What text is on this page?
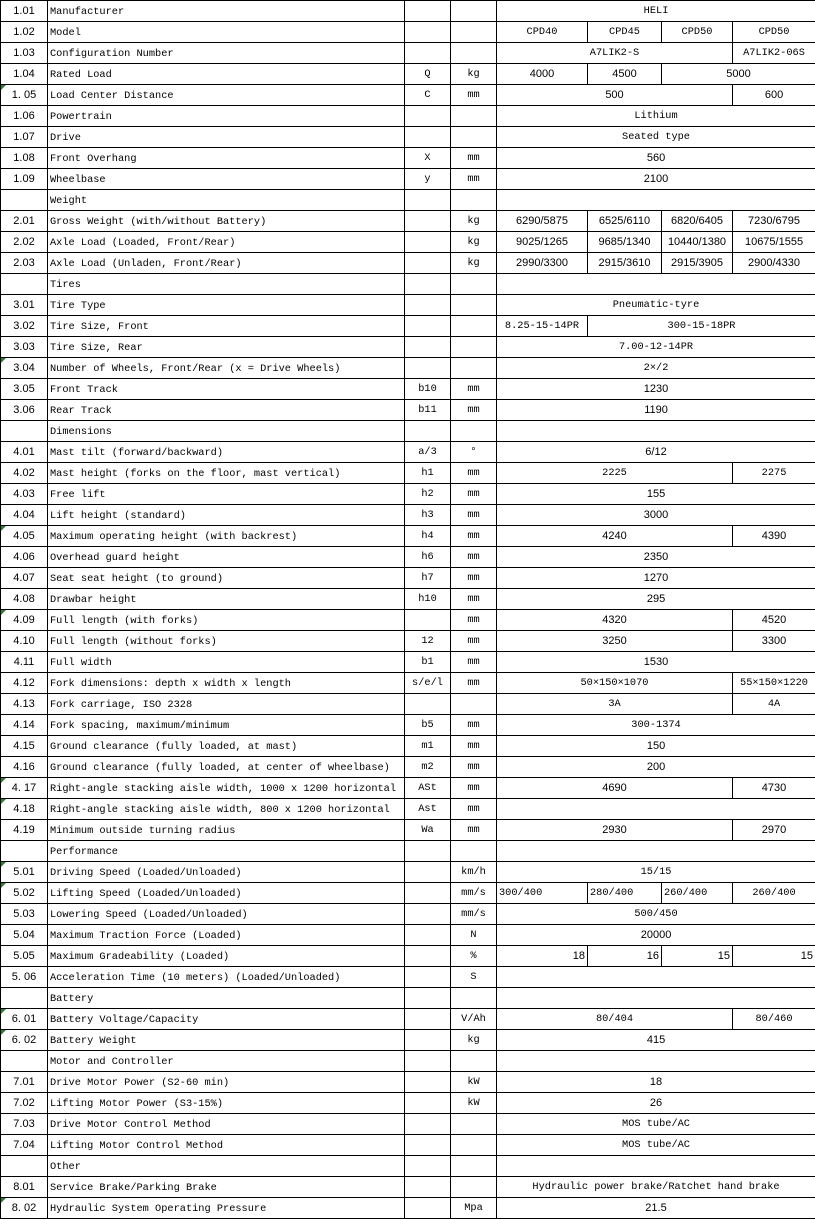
1.01	Manufacturer			HELI			
1.02	Model			CPD40	CPD45	CPD50	CPD50
1.03	Configuration Number			A7LIK2-S			A7LIK2-06S
1.04	Rated Load	Q	kg	4000	4500	5000	
1. 05	Load Center Distance	C	mm	500			600
1.06	Powertrain			Lithium			
1.07	Drive			Seated type			
1.08	Front Overhang	X	mm	560			
1.09	Wheelbase	y	mm	2100			
	Weight						
2.01	Gross Weight (with/without Battery)		kg	6290/5875	6525/6110	6820/6405	7230/6795
2.02	Axle Load (Loaded, Front/Rear)		kg	9025/1265	9685/1340	10440/1380	10675/1555
2.03	Axle Load (Unladen, Front/Rear)		kg	2990/3300	2915/3610	2915/3905	2900/4330
	Tires						
3.01	Tire Type			Pneumatic-tyre			
3.02	Tire Size, Front			8.25-15-14PR	300-15-18PR		
3.03	Tire Size, Rear			7.00-12-14PR			
3.04	Number of Wheels, Front/Rear (x = Drive Wheels)			2×/2			
3.05	Front Track	b10	mm	1230			
3.06	Rear Track	b11	mm	1190			
	Dimensions						
4.01	Mast tilt (forward/backward)	a/3	°	6/12			
4.02	Mast height (forks on the floor, mast vertical)	h1	mm	2225			2275
4.03	Free lift	h2	mm	155			
4.04	Lift height (standard)	h3	mm	3000			
4.05	Maximum operating height (with backrest)	h4	mm	4240			4390
4.06	Overhead guard height	h6	mm	2350			
4.07	Seat seat height (to ground)	h7	mm	1270			
4.08	Drawbar height	h10	mm	295			
4.09	Full length (with forks)		mm	4320			4520
4.10	Full length (without forks)	12	mm	3250			3300
4.11	Full width	b1	mm	1530			
4.12	Fork dimensions: depth x width x length	s/e/l	mm	50×150×1070			55×150×1220
4.13	Fork carriage, ISO 2328			3A			4A
4.14	Fork spacing, maximum/minimum	b5	mm	300-1374			
4.15	Ground clearance (fully loaded, at mast)	m1	mm	150			
4.16	Ground clearance (fully loaded, at center of wheelbase)	m2	mm	200			
4. 17	Right-angle stacking aisle width, 1000 x 1200 horizontal	ASt	mm	4690			4730
4.18	Right-angle stacking aisle width, 800 x 1200 horizontal	Ast	mm				
4.19	Minimum outside turning radius	Wa	mm	2930			2970
	Performance						
5.01	Driving Speed (Loaded/Unloaded)		km/h	15/15			
5.02	Lifting Speed (Loaded/Unloaded)		mm/s	300/400	280/400	260/400	260/400
5.03	Lowering Speed (Loaded/Unloaded)		mm/s	500/450			
5.04	Maximum Traction Force (Loaded)		N	20000			
5.05	Maximum Gradeability (Loaded)		%	18	16	15	15
5. 06	Acceleration Time (10 meters) (Loaded/Unloaded)		S				
	Battery						
6. 01	Battery Voltage/Capacity		V/Ah	80/404			80/460
6. 02	Battery Weight		kg	415			
	Motor and Controller						
7.01	Drive Motor Power (S2-60 min)		kW	18			
7.02	Lifting Motor Power (S3-15%)		kW	26			
7.03	Drive Motor Control Method			MOS tube/AC			
7.04	Lifting Motor Control Method			MOS tube/AC			
	Other						
8.01	Service Brake/Parking Brake			Hydraulic power brake/Ratchet hand brake			
8. 02	Hydraulic System Operating Pressure		Mpa	21.5			
